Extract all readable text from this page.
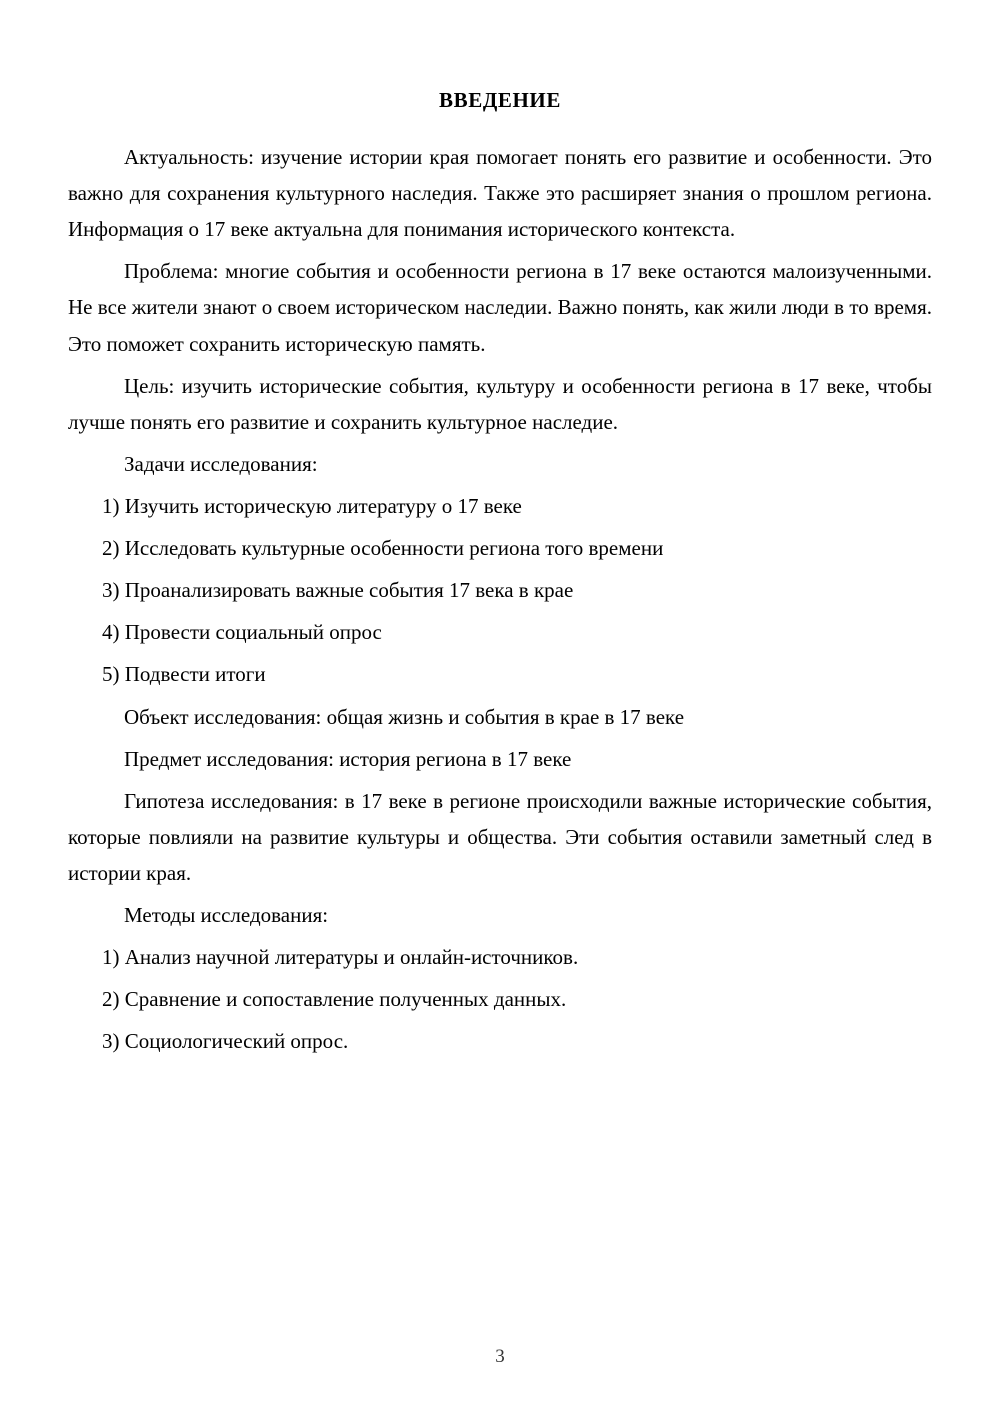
ВВЕДЕНИЕ

Актуальность: изучение истории края помогает понять его развитие и особенности. Это важно для сохранения культурного наследия. Также это расширяет знания о прошлом региона. Информация о 17 веке актуальна для понимания исторического контекста.

Проблема: многие события и особенности региона в 17 веке остаются малоизученными. Не все жители знают о своем историческом наследии. Важно понять, как жили люди в то время. Это поможет сохранить историческую память.

Цель: изучить исторические события, культуру и особенности региона в 17 веке, чтобы лучше понять его развитие и сохранить культурное наследие.

Задачи исследования:

1) Изучить историческую литературу о 17 веке

2) Исследовать культурные особенности региона того времени

3) Проанализировать важные события 17 века в крае

4) Провести социальный опрос

5) Подвести итоги

Объект исследования: общая жизнь и события в крае в 17 веке

Предмет исследования: история региона в 17 веке

Гипотеза исследования: в 17 веке в регионе происходили важные исторические события, которые повлияли на развитие культуры и общества. Эти события оставили заметный след в истории края.

Методы исследования:

1) Анализ научной литературы и онлайн-источников.

2) Сравнение и сопоставление полученных данных.

3) Социологический опрос.

3
